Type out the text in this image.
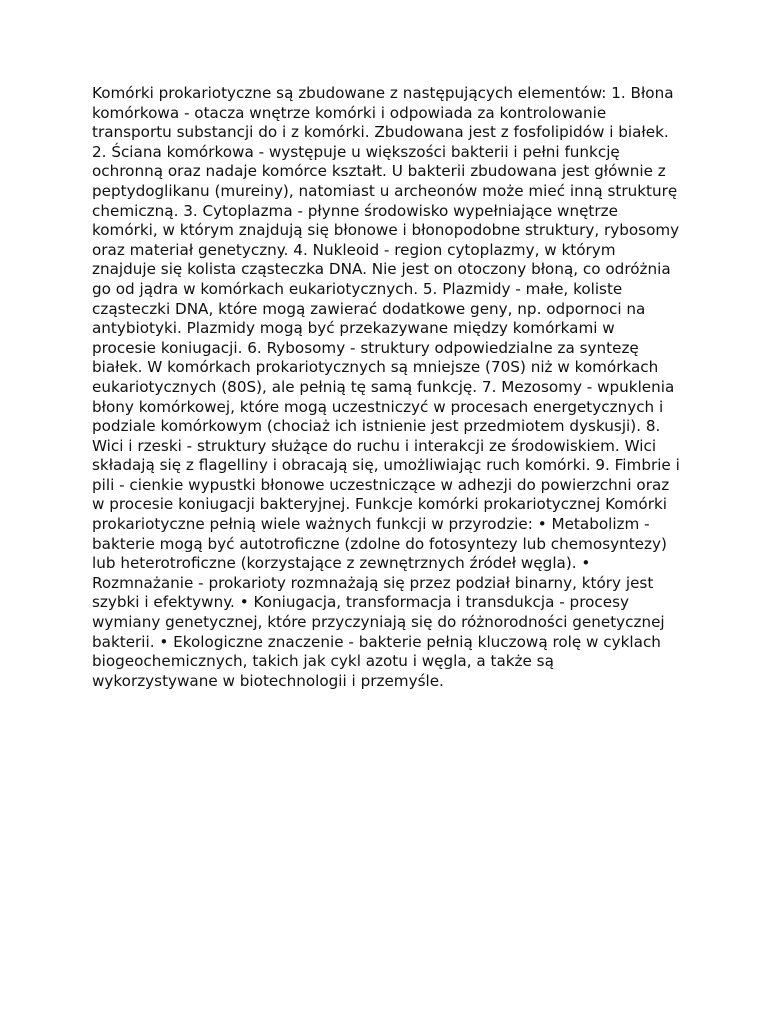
Komórki prokariotyczne są zbudowane z następujących elementów: 1. Błona komórkowa - otacza wnętrze komórki i odpowiada za kontrolowanie transportu substancji do i z komórki. Zbudowana jest z fosfolipidów i białek. 2. Ściana komórkowa - występuje u większości bakterii i pełni funkcję ochronną oraz nadaje komórce kształt. U bakterii zbudowana jest głównie z peptydoglikanu (mureiny), natomiast u archeonów może mieć inną strukturę chemiczną. 3. Cytoplazma - płynne środowisko wypełniające wnętrze komórki, w którym znajdują się błonowe i błonopodobne struktury, rybosomy oraz materiał genetyczny. 4. Nukleoid - region cytoplazmy, w którym znajduje się kolista cząsteczka DNA. Nie jest on otoczony błoną, co odróżnia go od jądra w komórkach eukariotycznych. 5. Plazmidy - małe, koliste cząsteczki DNA, które mogą zawierać dodatkowe geny, np. odpornoci na antybiotyki. Plazmidy mogą być przekazywane między komórkami w procesie koniugacji. 6. Rybosomy - struktury odpowiedzialne za syntezę białek. W komórkach prokariotycznych są mniejsze (70S) niż w komórkach eukariotycznych (80S), ale pełnią tę samą funkcję. 7. Mezosomy - wpuklenia błony komórkowej, które mogą uczestniczyć w procesach energetycznych i podziale komórkowym (chociaż ich istnienie jest przedmiotem dyskusji). 8. Wici i rzeski - struktury służące do ruchu i interakcji ze środowiskiem. Wici składają się z flagelliny i obracają się, umożliwiając ruch komórki. 9. Fimbrie i pili - cienkie wypustki błonowe uczestniczące w adhezji do powierzchni oraz w procesie koniugacji bakteryjnej. Funkcje komórki prokariotycznej Komórki prokariotyczne pełnią wiele ważnych funkcji w przyrodzie: • Metabolizm - bakterie mogą być autotroficzne (zdolne do fotosyntezy lub chemosyntezy) lub heterotroficzne (korzystające z zewnętrznych źródeł węgla). • Rozmnażanie - prokarioty rozmnażają się przez podział binarny, który jest szybki i efektywny. • Koniugacja, transformacja i transdukcja - procesy wymiany genetycznej, które przyczyniają się do różnorodności genetycznej bakterii. • Ekologiczne znaczenie - bakterie pełnią kluczową rolę w cyklach biogeochemicznych, takich jak cykl azotu i węgla, a także są wykorzystywane w biotechnologii i przemyśle.
